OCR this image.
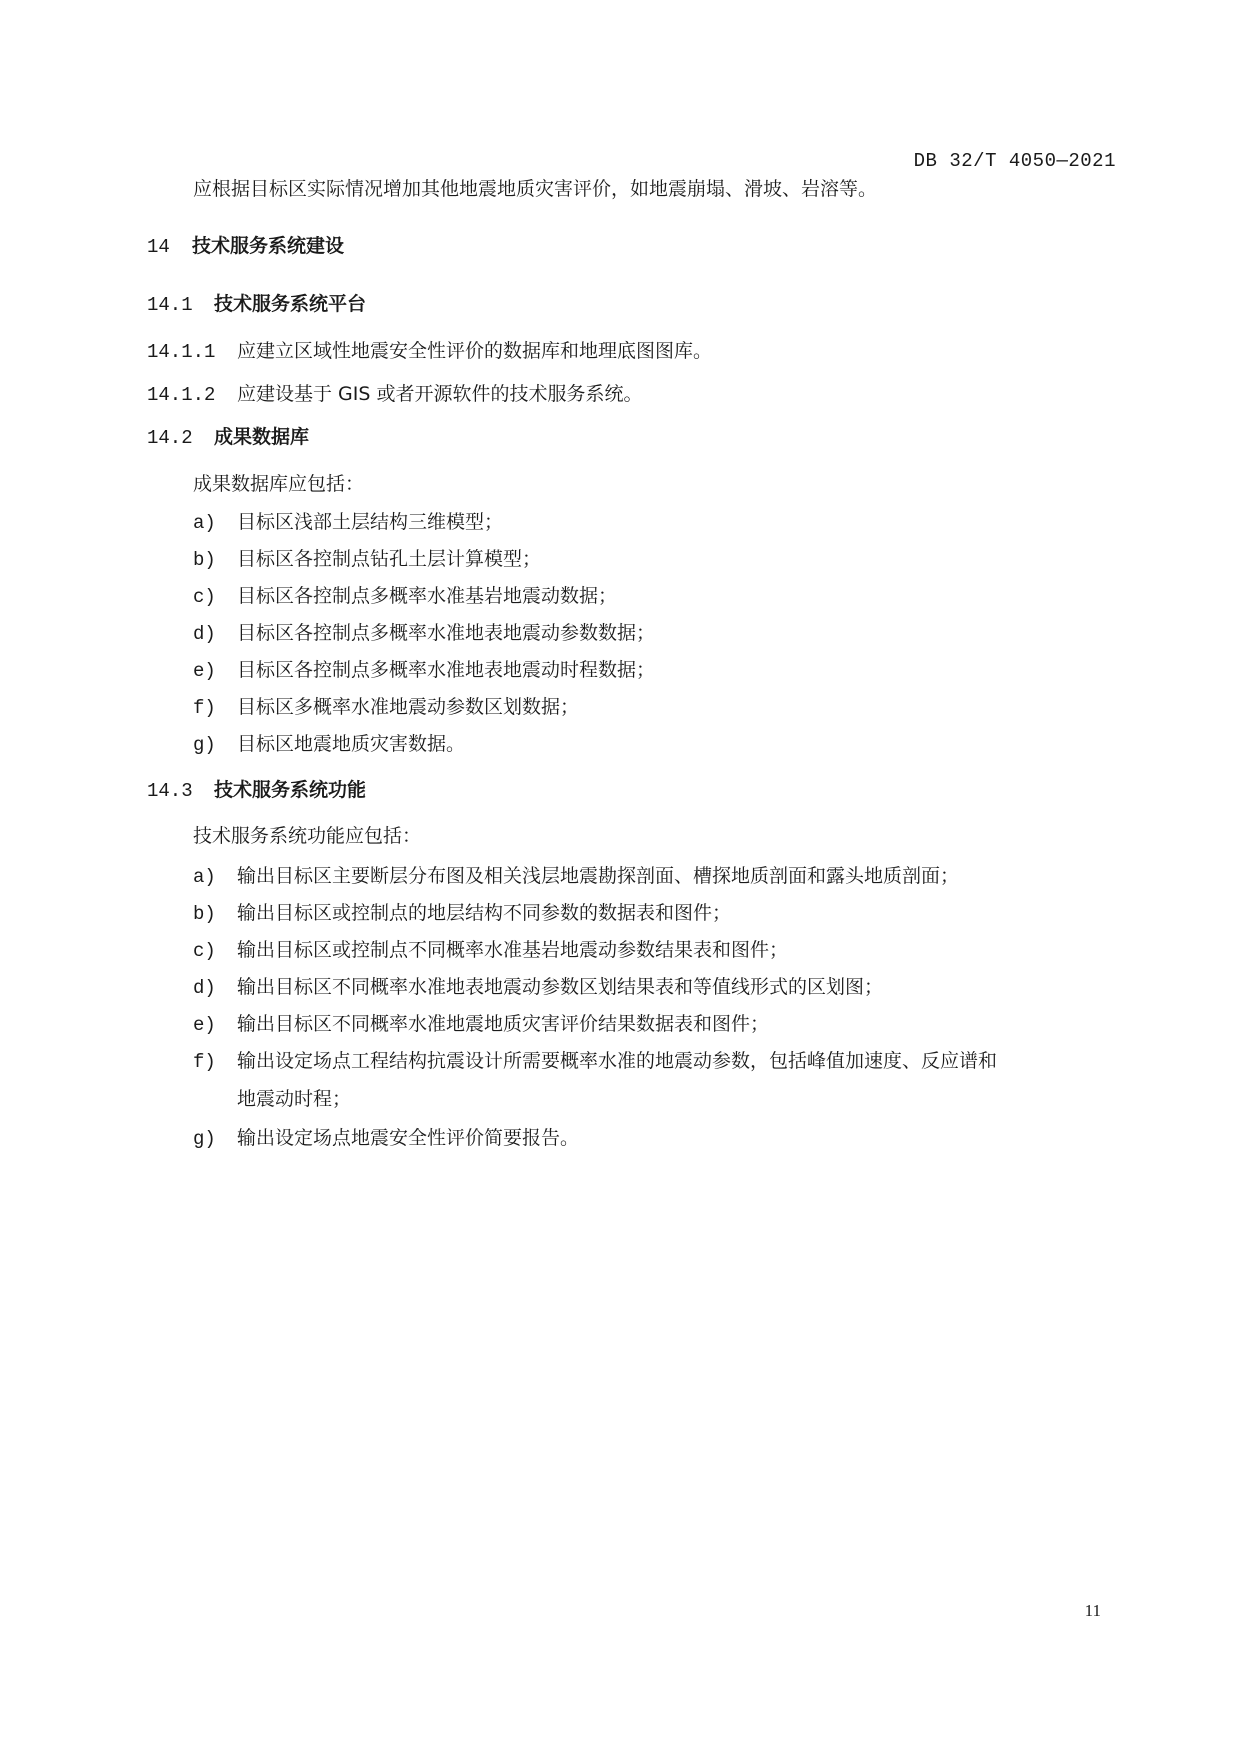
DB 32/T 4050—2021
应根据目标区实际情况增加其他地震地质灾害评价，如地震崩塌、滑坡、岩溶等。
14 技术服务系统建设
14.1 技术服务系统平台
14.1.1 应建立区域性地震安全性评价的数据库和地理底图图库。
14.1.2 应建设基于 GIS 或者开源软件的技术服务系统。
14.2 成果数据库
成果数据库应包括：
a) 目标区浅部土层结构三维模型；
b) 目标区各控制点钻孔土层计算模型；
c) 目标区各控制点多概率水准基岩地震动数据；
d) 目标区各控制点多概率水准地表地震动参数数据；
e) 目标区各控制点多概率水准地表地震动时程数据；
f) 目标区多概率水准地震动参数区划数据；
g) 目标区地震地质灾害数据。
14.3 技术服务系统功能
技术服务系统功能应包括：
a) 输出目标区主要断层分布图及相关浅层地震勘探剖面、槽探地质剖面和露头地质剖面；
b) 输出目标区或控制点的地层结构不同参数的数据表和图件；
c) 输出目标区或控制点不同概率水准基岩地震动参数结果表和图件；
d) 输出目标区不同概率水准地表地震动参数区划结果表和等值线形式的区划图；
e) 输出目标区不同概率水准地震地质灾害评价结果数据表和图件；
f) 输出设定场点工程结构抗震设计所需要概率水准的地震动参数，包括峰值加速度、反应谱和
地震动时程；
g) 输出设定场点地震安全性评价简要报告。
11
